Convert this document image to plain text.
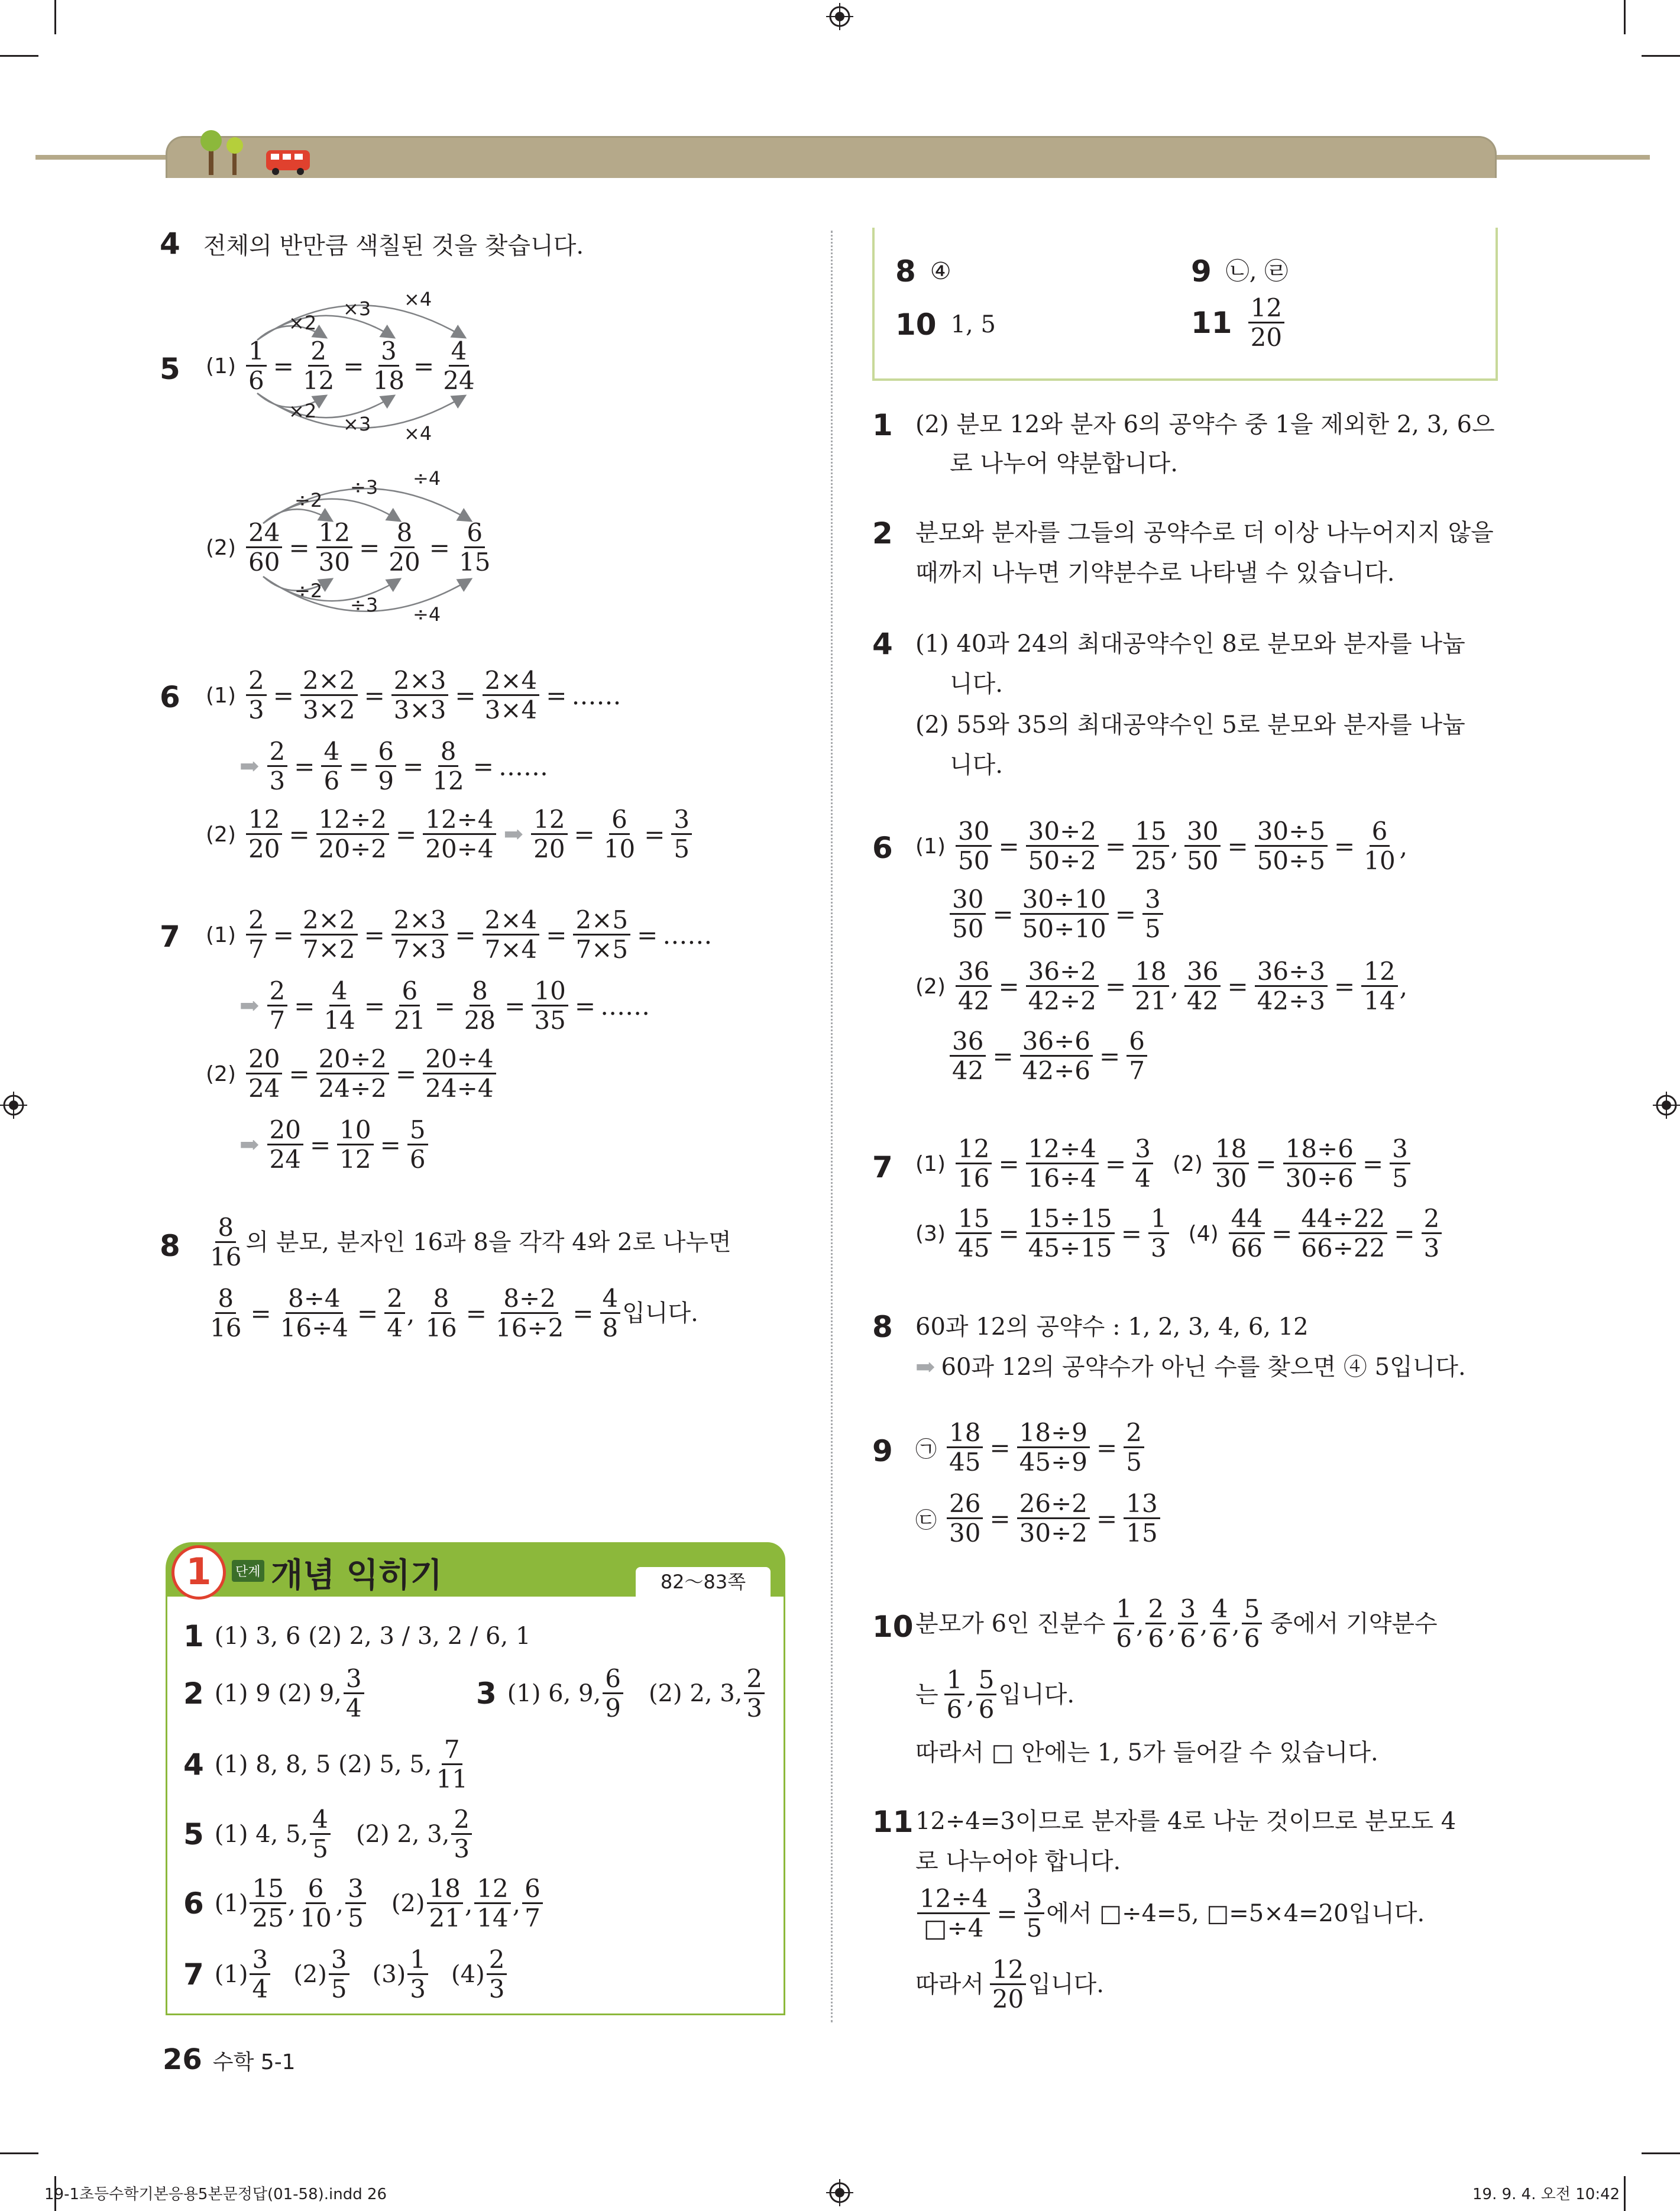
4 전체의 반만큼 색칠된 것을 찾습니다.
5
×2
×3 ×4
×2
×3 ×4
$(1) \frac{1}{6} = \frac{2}{12} = \frac{3}{18} = \frac{4}{24}$
÷2
÷3 ÷4
÷2
÷3 ÷4
$(2) \frac{24}{60} = \frac{12}{30} = \frac{8}{20} = \frac{6}{15}$
6 $(1) \frac{2}{3} = \frac{2\times 2}{3\times 2} = \frac{2\times 3}{3\times 3} = \frac{2\times 4}{3\times 4}$ = ……
➡ $\frac{2}{3} = \frac{4}{6} = \frac{6}{9} = \frac{8}{12}$ = ……
$(2) \frac{12}{20} = \frac{12\div 2}{20\div 2} = \frac{12\div 4}{20\div 4}$ ➡ $\frac{12}{20} = \frac{6}{10} = \frac{3}{5}$
7 $(1) \frac{2}{7} = \frac{2\times 2}{7\times 2} = \frac{2\times 3}{7\times 3} = \frac{2\times 4}{7\times 4} = \frac{2\times 5}{7\times 5}$ = ……
➡ $\frac{2}{7} = \frac{4}{14} = \frac{6}{21} = \frac{8}{28} = \frac{10}{35}$ = ……
$(2) \frac{20}{24} = \frac{20\div 2}{24\div 2} = \frac{20\div 4}{24\div 4}$
➡ $\frac{20}{24} = \frac{10}{12} = \frac{5}{6}$
8
8
16 의 분모, 분자인 16과 8을 각각 4와 2로 나누면
$\frac{8}{16} = \frac{8\div 4}{16\div 4} = \frac{2}{4}$ , $\frac{8}{16} = \frac{8\div 2}{16\div 2} = \frac{4}{8}$ 입니다.
1	단계 개념 익히기	82～83쪽
1 (1) 3, 6 (2) 2, 3 / 3, 2 / 6, 1
2 (1) 9 (2) 9,
3
4	3 (1) 6, 9,
6
9 (2) 2, 3,
2
3
4 (1) 8, 8, 5 (2) 5, 5,
7
11
5 (1) 4, 5,
4
5 (2) 2, 3,
2
3
6 (1)
15
25 ,
6
10 ,
3
5 (2)
18
21 ,
12
14 ,
6
7
7 (1)
3
4 (2)
3
5 (3)
1
3 (4)
2
3
8 ④	9 ㉡, ㉣
10 1, 5	11 12
20
1 (2) 분모 12와 분자 6의 공약수 중 1을 제외한 2, 3, 6으
로 나누어 약분합니다.
2 분모와 분자를 그들의 공약수로 더 이상 나누어지지 않을
때까지 나누면 기약분수로 나타낼 수 있습니다.
4 (1) 40과 24의 최대공약수인 8로 분모와 분자를 나눕
니다.
(2) 55와 35의 최대공약수인 5로 분모와 분자를 나눕
니다.
6 $(1) \frac{30}{50} = \frac{30\div 2}{50\div 2} = \frac{15}{25}$ , $\frac{30}{50} = \frac{30\div 5}{50\div 5} = \frac{6}{10}$ ,
$\frac{30}{50} = \frac{30\div 10}{50\div 10} = \frac{3}{5}$
$(2) \frac{36}{42} = \frac{36\div 2}{42\div 2} = \frac{18}{21}$ , $\frac{36}{42} = \frac{36\div 3}{42\div 3} = \frac{12}{14}$ ,
$\frac{36}{42} = \frac{36\div 6}{42\div 6} = \frac{6}{7}$
7 $(1) \frac{12}{16} = \frac{12\div 4}{16\div 4} = \frac{3}{4} (2) \frac{18}{30} = \frac{18\div 6}{30\div 6} = \frac{3}{5}$
$(3) \frac{15}{45} = \frac{15\div 15}{45\div 15} = \frac{1}{3} (4) \frac{44}{66} = \frac{44\div 22}{66\div 22} = \frac{2}{3}$
8 60과 12의 공약수 : 1, 2, 3, 4, 6, 12
➡ 60과 12의 공약수가 아닌 수를 찾으면 ④ 5입니다.
9 ㉠ $\frac{18}{45} = \frac{18\div 9}{45\div 9} = \frac{2}{5}$
㉢ $\frac{26}{30} = \frac{26\div 2}{30\div 2} = \frac{13}{15}$
10 분모가 6인 진분수
1
6 ,
2
6 ,
3
6 ,
4
6 ,
5
6 중에서 기약분수
는
1
6 ,
5
6 입니다.
따라서 □ 안에는 1, 5가 들어갈 수 있습니다.
11 12÷4=3이므로 분자를 4로 나눈 것이므로 분모도 4
로 나누어야 합니다.
$\frac{12\div 4}{□\div 4} = \frac{3}{5}$ 에서 □÷4=5, □=5×4=20입니다.
따라서
12
20 입니다.
26 수학 5-1
19-1초등수학기본응용5본문정답(01-58).indd 26	19. 9. 4. 오전 10:42
